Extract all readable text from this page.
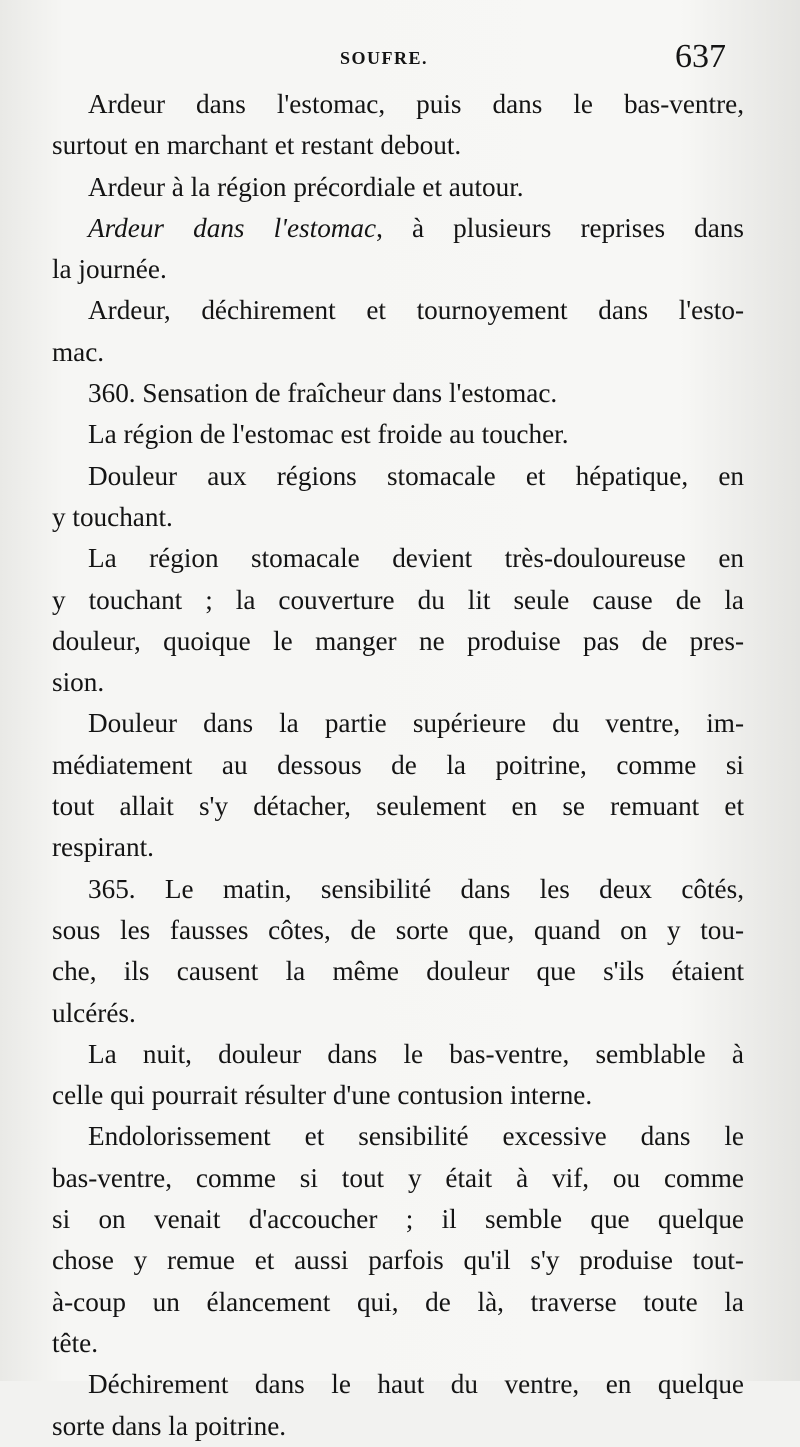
SOUFRE.	637

Ardeur dans l'estomac, puis dans le bas-ventre,
surtout en marchant et restant debout.

Ardeur à la région précordiale et autour.

Ardeur dans l'estomac, à plusieurs reprises dans
la journée.

Ardeur, déchirement et tournoyement dans l'esto-
mac.

360. Sensation de fraîcheur dans l'estomac.

La région de l'estomac est froide au toucher.

Douleur aux régions stomacale et hépatique, en
y touchant.

La région stomacale devient très-douloureuse en
y touchant ; la couverture du lit seule cause de la
douleur, quoique le manger ne produise pas de pres-
sion.

Douleur dans la partie supérieure du ventre, im-
médiatement au dessous de la poitrine, comme si
tout allait s'y détacher, seulement en se remuant et
respirant.

365. Le matin, sensibilité dans les deux côtés,
sous les fausses côtes, de sorte que, quand on y tou-
che, ils causent la même douleur que s'ils étaient
ulcérés.

La nuit, douleur dans le bas-ventre, semblable à
celle qui pourrait résulter d'une contusion interne.

Endolorissement et sensibilité excessive dans le
bas-ventre, comme si tout y était à vif, ou comme
si on venait d'accoucher ; il semble que quelque
chose y remue et aussi parfois qu'il s'y produise tout-
à-coup un élancement qui, de là, traverse toute la
tête.

Déchirement dans le haut du ventre, en quelque
sorte dans la poitrine.
